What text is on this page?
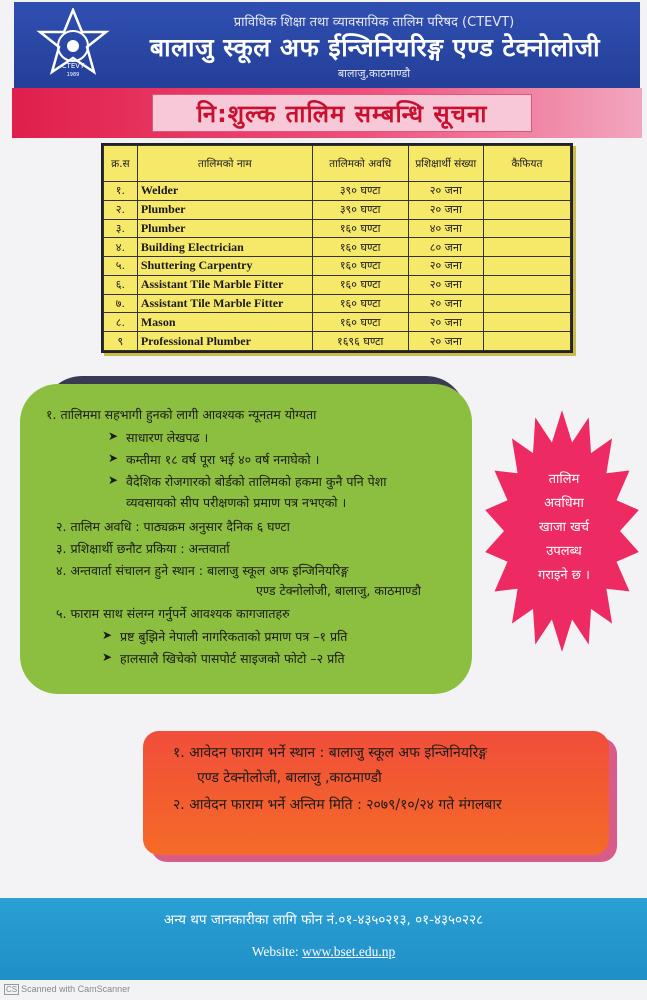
CTEVT
1989
प्राविधिक शिक्षा तथा व्यावसायिक तालिम परिषद (CTEVT)
बालाजु स्कूल अफ ईन्जिनियरिङ्ग एण्ड टेक्नोलोजी
बालाजु,काठमाण्डौ
नि:शुल्क तालिम सम्बन्धि सूचना
क्र.स	तालिमको नाम	तालिमको अवधि	प्रशिक्षार्थी संख्या	कैफियत
१.	Welder	३९० घण्टा	२० जना	
२.	Plumber	३९० घण्टा	२० जना	
३.	Plumber	१६० घण्टा	४० जना	
४.	Building Electrician	१६० घण्टा	८० जना	
५.	Shuttering Carpentry	१६० घण्टा	२० जना	
६.	Assistant Tile Marble Fitter	१६० घण्टा	२० जना	
७.	Assistant Tile Marble Fitter	१६० घण्टा	२० जना	
८.	Mason	१६० घण्टा	२० जना	
९	Professional Plumber	१६९६ घण्टा	२० जना	
१. तालिममा सहभागी हुनको लागी आवश्यक न्यूनतम योग्यता
➤ साधारण लेखपढ ।
➤ कम्तीमा १८ वर्ष पूरा भई ४० वर्ष ननाघेको ।
➤ वैदेशिक रोजगारको बोर्डको तालिमको हकमा कुनै पनि पेशा
व्यवसायको सीप परीक्षणको प्रमाण पत्र नभएको ।
२. तालिम अवधि : पाठ्यक्रम अनुसार दैनिक ६ घण्टा
३. प्रशिक्षार्थी छनौट प्रकिया : अन्तवार्ता
४. अन्तवार्ता संचालन हुने स्थान : बालाजु स्कूल अफ इन्जिनियरिङ्ग
एण्ड टेक्नोलोजी, बालाजु, काठमाण्डौ
५. फाराम साथ संलग्न गर्नुपर्ने आवश्यक कागजातहरु
➤ प्रष्ट बुझिने नेपाली नागरिकताको प्रमाण पत्र –१ प्रति
➤ हालसालै खिचेको पासपोर्ट साइजको फोटो –२ प्रति
तालिम
अवधिमा
खाजा खर्च
उपलब्ध
गराइने छ ।
१. आवेदन फाराम भर्ने स्थान : बालाजु स्कूल अफ इन्जिनियरिङ्ग
एण्ड टेक्नोलोजी, बालाजु ,काठमाण्डौ
२. आवेदन फाराम भर्ने अन्तिम मिति : २०७९/१०/२४ गते मंगलबार
अन्य थप जानकारीका लागि फोन नं.०१-४३५०२१३, ०१-४३५०२२८
Website: www.bset.edu.np
CS Scanned with CamScanner
